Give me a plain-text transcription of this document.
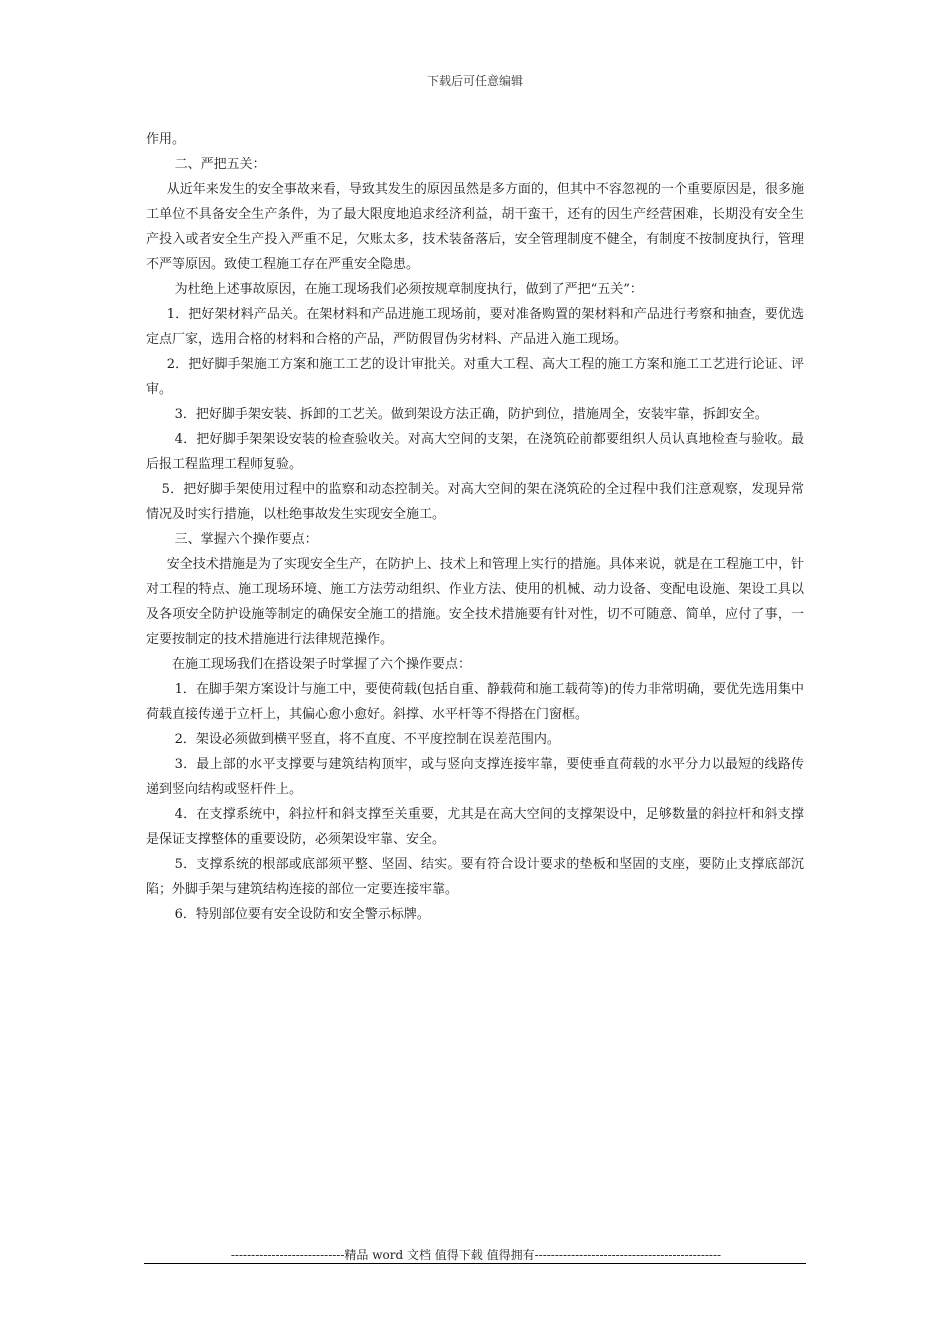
下载后可任意编辑

作用。

二、严把五关：

从近年来发生的安全事故来看，导致其发生的原因虽然是多方面的，但其中不容忽视的一个重要原因是，很多施工单位不具备安全生产条件，为了最大限度地追求经济利益，胡干蛮干，还有的因生产经营困难，长期没有安全生产投入或者安全生产投入严重不足，欠账太多，技术装备落后，安全管理制度不健全，有制度不按制度执行，管理不严等原因。致使工程施工存在严重安全隐患。

为杜绝上述事故原因，在施工现场我们必须按规章制度执行，做到了严把“五关”：

1．把好架材料产品关。在架材料和产品进施工现场前，要对准备购置的架材料和产品进行考察和抽查，要优选定点厂家，选用合格的材料和合格的产品，严防假冒伪劣材料、产品进入施工现场。

2．把好脚手架施工方案和施工工艺的设计审批关。对重大工程、高大工程的施工方案和施工工艺进行论证、评审。

3．把好脚手架安装、拆卸的工艺关。做到架设方法正确，防护到位，措施周全，安装牢靠，拆卸安全。

4．把好脚手架架设安装的检查验收关。对高大空间的支架，在浇筑砼前都要组织人员认真地检查与验收。最后报工程监理工程师复验。

5．把好脚手架使用过程中的监察和动态控制关。对高大空间的架在浇筑砼的全过程中我们注意观察，发现异常情况及时实行措施，以杜绝事故发生实现安全施工。

三、掌握六个操作要点：

安全技术措施是为了实现安全生产，在防护上、技术上和管理上实行的措施。具体来说，就是在工程施工中，针对工程的特点、施工现场环境、施工方法劳动组织、作业方法、使用的机械、动力设备、变配电设施、架设工具以及各项安全防护设施等制定的确保安全施工的措施。安全技术措施要有针对性，切不可随意、简单，应付了事，一定要按制定的技术措施进行法律规范操作。

在施工现场我们在搭设架子时掌握了六个操作要点：

1．在脚手架方案设计与施工中，要使荷载(包括自重、静载荷和施工载荷等)的传力非常明确，要优先选用集中荷载直接传递于立杆上，其偏心愈小愈好。斜撑、水平杆等不得搭在门窗框。

2．架设必须做到横平竖直，将不直度、不平度控制在误差范围内。

3．最上部的水平支撑要与建筑结构顶牢，或与竖向支撑连接牢靠，要使垂直荷载的水平分力以最短的线路传递到竖向结构或竖杆件上。

4．在支撑系统中，斜拉杆和斜支撑至关重要，尤其是在高大空间的支撑架设中，足够数量的斜拉杆和斜支撑是保证支撑整体的重要设防，必须架设牢靠、安全。

5．支撑系统的根部或底部须平整、坚固、结实。要有符合设计要求的垫板和坚固的支座，要防止支撑底部沉陷；外脚手架与建筑结构连接的部位一定要连接牢靠。

6．特别部位要有安全设防和安全警示标牌。

----------------------------精品 word 文档 值得下载 值得拥有----------------------------------------------
